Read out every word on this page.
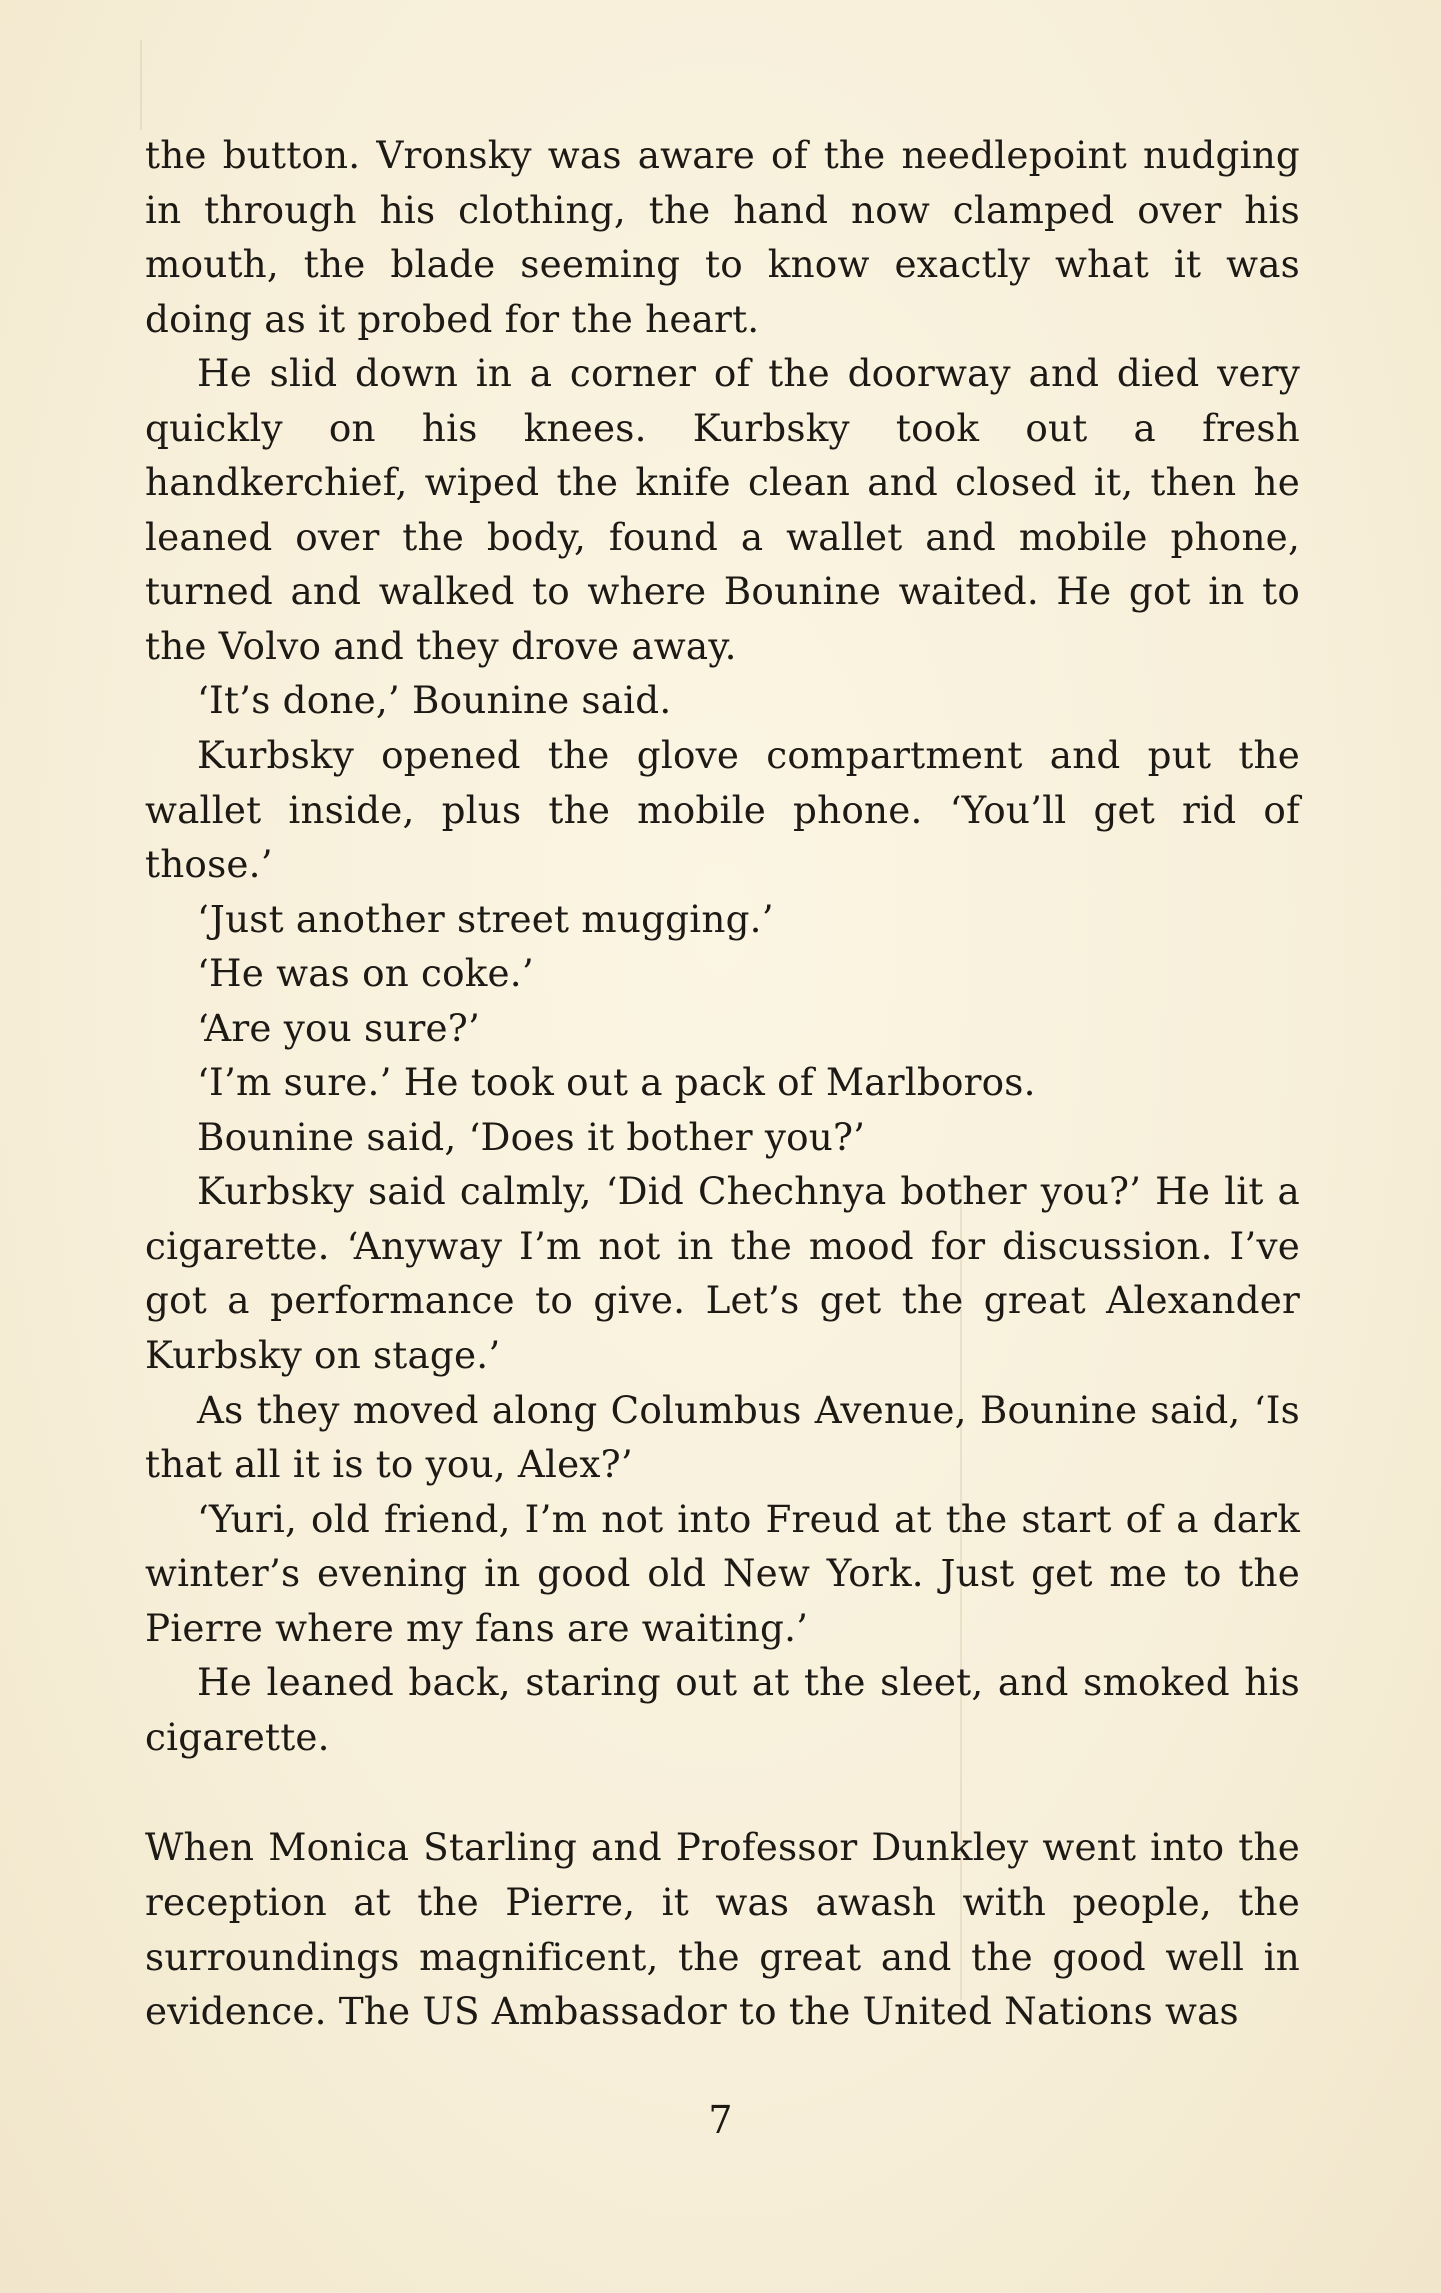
the button. Vronsky was aware of the needlepoint nudging in through his clothing, the hand now clamped over his mouth, the blade seeming to know exactly what it was doing as it probed for the heart.

He slid down in a corner of the doorway and died very quickly on his knees. Kurbsky took out a fresh handkerchief, wiped the knife clean and closed it, then he leaned over the body, found a wallet and mobile phone, turned and walked to where Bounine waited. He got in to the Volvo and they drove away.

‘It’s done,’ Bounine said.

Kurbsky opened the glove compartment and put the wallet inside, plus the mobile phone. ‘You’ll get rid of those.’

‘Just another street mugging.’

‘He was on coke.’

‘Are you sure?’

‘I’m sure.’ He took out a pack of Marlboros.

Bounine said, ‘Does it bother you?’

Kurbsky said calmly, ‘Did Chechnya bother you?’ He lit a cigarette. ‘Anyway I’m not in the mood for discussion. I’ve got a performance to give. Let’s get the great Alexander Kurbsky on stage.’

As they moved along Columbus Avenue, Bounine said, ‘Is that all it is to you, Alex?’

‘Yuri, old friend, I’m not into Freud at the start of a dark winter’s evening in good old New York. Just get me to the Pierre where my fans are waiting.’

He leaned back, staring out at the sleet, and smoked his cigarette.

When Monica Starling and Professor Dunkley went into the reception at the Pierre, it was awash with people, the surroundings magnificent, the great and the good well in evidence. The US Ambassador to the United Nations was

7
